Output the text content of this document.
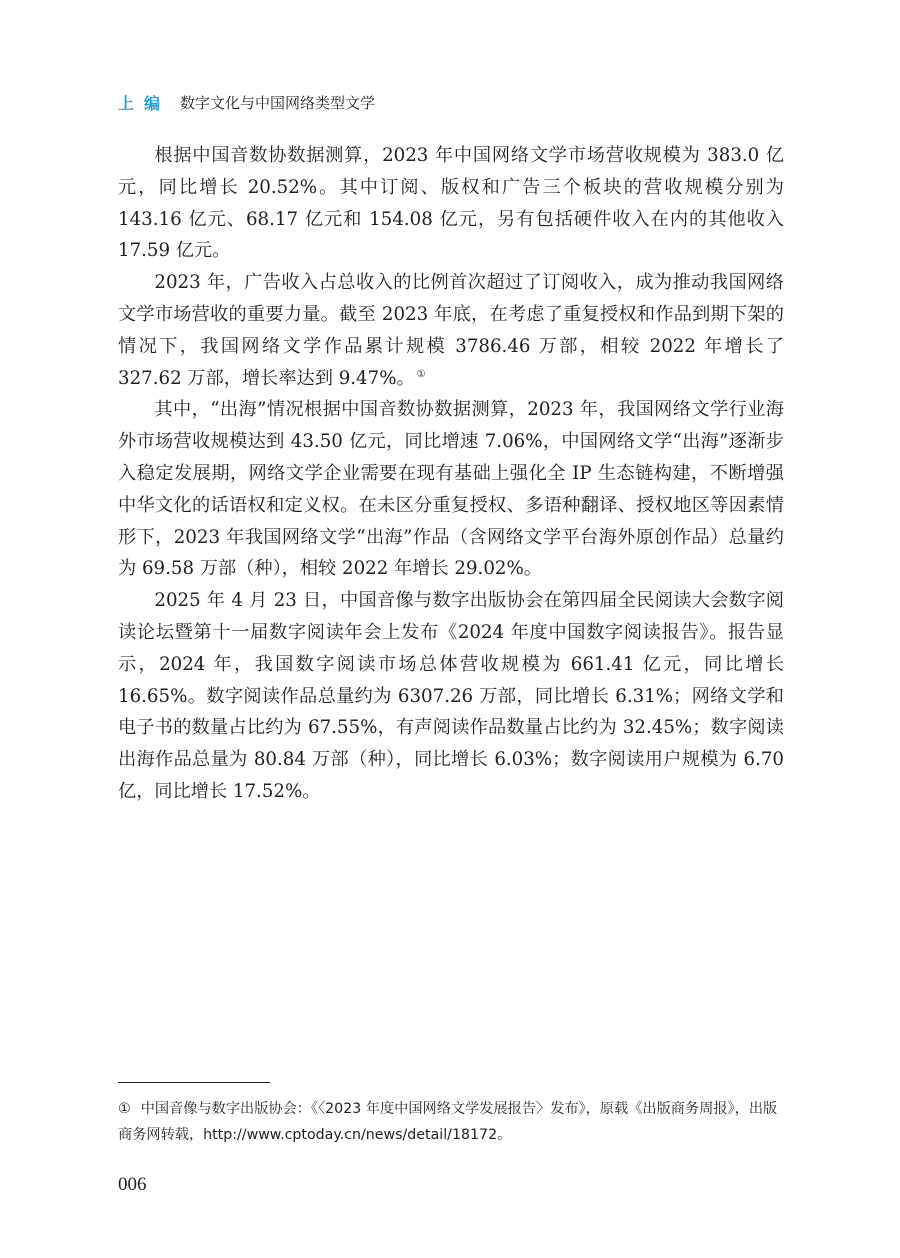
上编 数字文化与中国网络类型文学

根据中国音数协数据测算，2023 年中国网络文学市场营收规模为 383.0 亿元，同比增长 20.52%。其中订阅、版权和广告三个板块的营收规模分别为 143.16 亿元、68.17 亿元和 154.08 亿元，另有包括硬件收入在内的其他收入 17.59 亿元。

2023 年，广告收入占总收入的比例首次超过了订阅收入，成为推动我国网络文学市场营收的重要力量。截至 2023 年底，在考虑了重复授权和作品到期下架的情况下，我国网络文学作品累计规模 3786.46 万部，相较 2022 年增长了 327.62 万部，增长率达到 9.47%。 ①

其中，“出海”情况根据中国音数协数据测算，2023 年，我国网络文学行业海外市场营收规模达到 43.50 亿元，同比增速 7.06%，中国网络文学“出海”逐渐步入稳定发展期，网络文学企业需要在现有基础上强化全 IP 生态链构建，不断增强中华文化的话语权和定义权。在未区分重复授权、多语种翻译、授权地区等因素情形下，2023 年我国网络文学“出海”作品（含网络文学平台海外原创作品）总量约为 69.58 万部（种），相较 2022 年增长 29.02%。

2025 年 4 月 23 日，中国音像与数字出版协会在第四届全民阅读大会数字阅读论坛暨第十一届数字阅读年会上发布《2024 年度中国数字阅读报告》。报告显示，2024 年，我国数字阅读市场总体营收规模为 661.41 亿元，同比增长 16.65%。数字阅读作品总量约为 6307.26 万部，同比增长 6.31%；网络文学和电子书的数量占比约为 67.55%，有声阅读作品数量占比约为 32.45%；数字阅读出海作品总量为 80.84 万部（种），同比增长 6.03%；数字阅读用户规模为 6.70 亿，同比增长 17.52%。

① 中国音像与数字出版协会：《〈2023 年度中国网络文学发展报告〉发布》，原载《出版商务周报》，出版商务网转载，http://www.cptoday.cn/news/detail/18172。
006
